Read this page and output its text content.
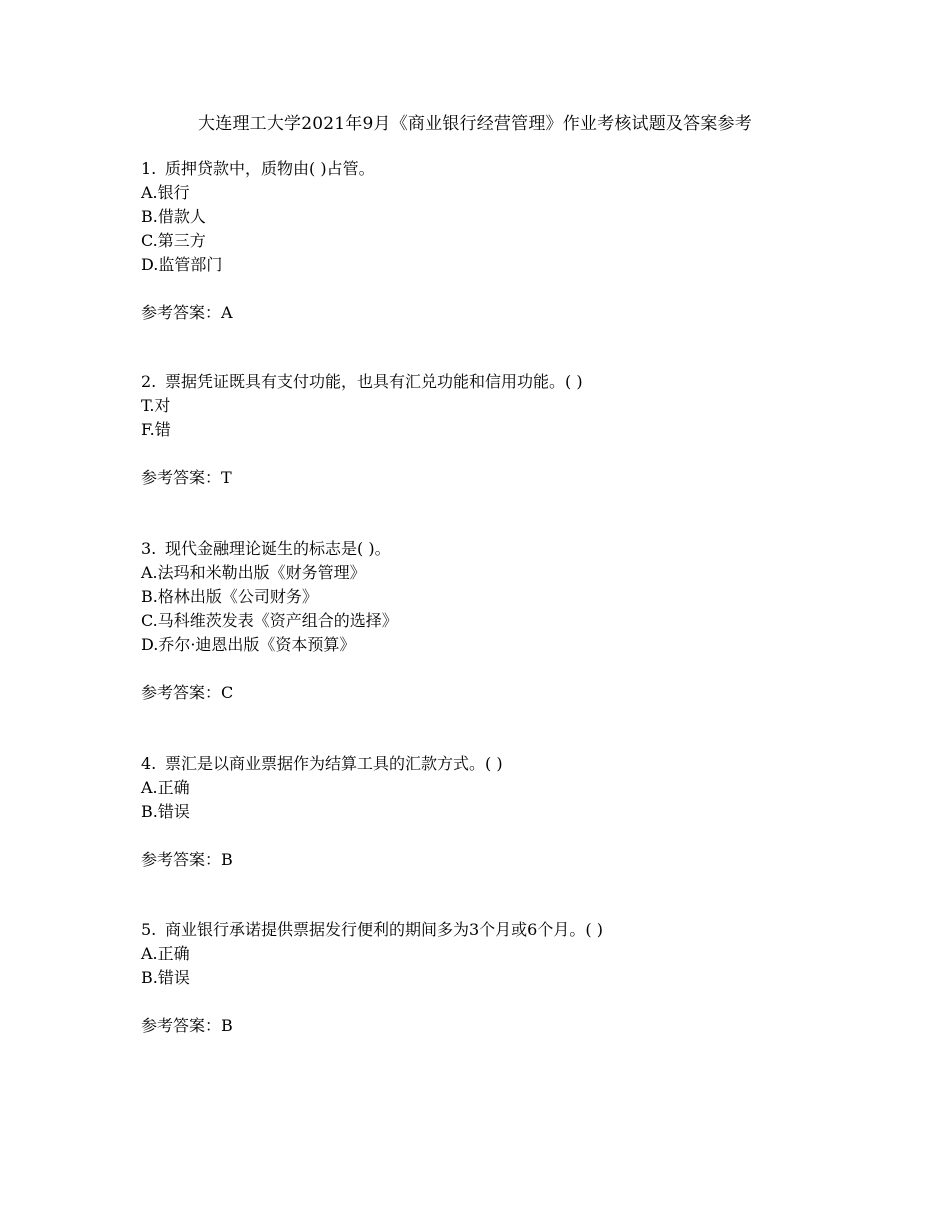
大连理工大学2021年9月《商业银行经营管理》作业考核试题及答案参考
1. 质押贷款中，质物由( )占管。
A.银行
B.借款人
C.第三方
D.监管部门
参考答案：A
2. 票据凭证既具有支付功能，也具有汇兑功能和信用功能。( )
T.对
F.错
参考答案：T
3. 现代金融理论诞生的标志是( )。
A.法玛和米勒出版《财务管理》
B.格林出版《公司财务》
C.马科维茨发表《资产组合的选择》
D.乔尔·迪恩出版《资本预算》
参考答案：C
4. 票汇是以商业票据作为结算工具的汇款方式。( )
A.正确
B.错误
参考答案：B
5. 商业银行承诺提供票据发行便利的期间多为3个月或6个月。( )
A.正确
B.错误
参考答案：B
